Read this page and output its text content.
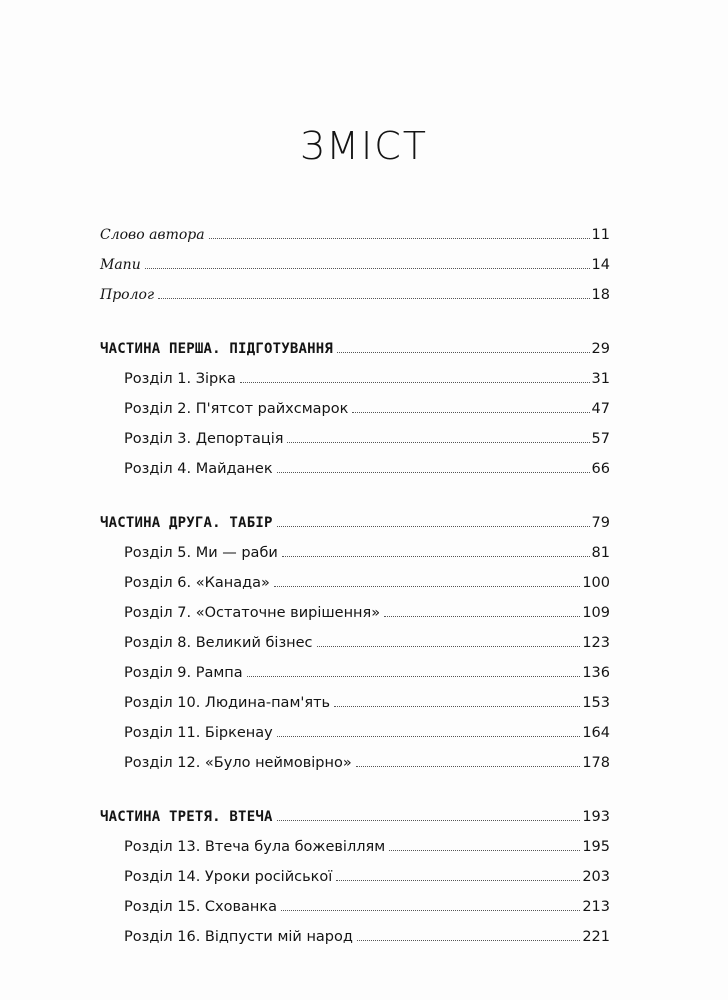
ЗМІСТ
Слово автора	11
Мапи	14
Пролог	18
ЧАСТИНА ПЕРША. ПІДГОТУВАННЯ	29
Розділ 1. Зірка	31
Розділ 2. П'ятсот райхсмарок	47
Розділ 3. Депортація	57
Розділ 4. Майданек	66
ЧАСТИНА ДРУГА. ТАБІР	79
Розділ 5. Ми — раби	81
Розділ 6. «Канада»	100
Розділ 7. «Остаточне вирішення»	109
Розділ 8. Великий бізнес	123
Розділ 9. Рампа	136
Розділ 10. Людина-пам'ять	153
Розділ 11. Біркенау	164
Розділ 12. «Було неймовірно»	178
ЧАСТИНА ТРЕТЯ. ВТЕЧА	193
Розділ 13. Втеча була божевіллям	195
Розділ 14. Уроки російської	203
Розділ 15. Схованка	213
Розділ 16. Відпусти мій народ	221
